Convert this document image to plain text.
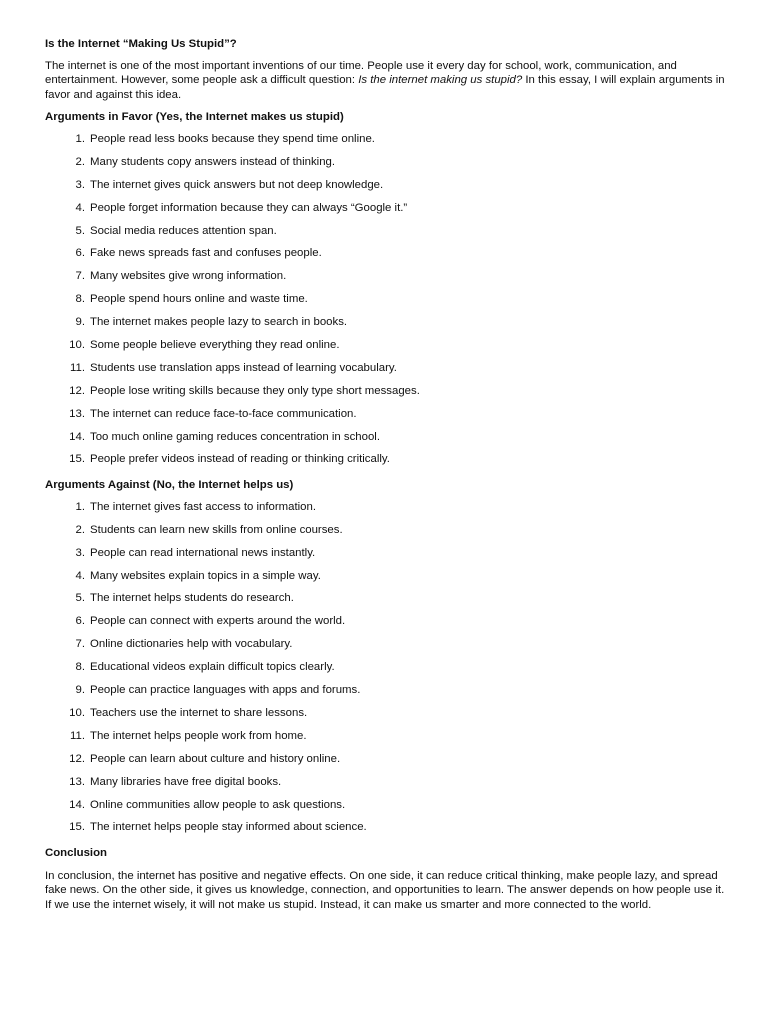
Is the Internet “Making Us Stupid”?

The internet is one of the most important inventions of our time. People use it every day for school, work, communication, and entertainment. However, some people ask a difficult question: Is the internet making us stupid? In this essay, I will explain arguments in favor and against this idea.

Arguments in Favor (Yes, the Internet makes us stupid)

1 . People read less books because they spend time online.
2 . Many students copy answers instead of thinking.
3 . The internet gives quick answers but not deep knowledge.
4 . People forget information because they can always “Google it.”
5 . Social media reduces attention span.
6 . Fake news spreads fast and confuses people.
7 . Many websites give wrong information.
8 . People spend hours online and waste time.
9 . The internet makes people lazy to search in books.
10 . Some people believe everything they read online.
11 . Students use translation apps instead of learning vocabulary.
12 . People lose writing skills because they only type short messages.
13 . The internet can reduce face-to-face communication.
14 . Too much online gaming reduces concentration in school.
15 . People prefer videos instead of reading or thinking critically.

Arguments Against (No, the Internet helps us)

1 . The internet gives fast access to information.
2 . Students can learn new skills from online courses.
3 . People can read international news instantly.
4 . Many websites explain topics in a simple way.
5 . The internet helps students do research.
6 . People can connect with experts around the world.
7 . Online dictionaries help with vocabulary.
8 . Educational videos explain difficult topics clearly.
9 . People can practice languages with apps and forums.
10 . Teachers use the internet to share lessons.
11 . The internet helps people work from home.
12 . People can learn about culture and history online.
13 . Many libraries have free digital books.
14 . Online communities allow people to ask questions.
15 . The internet helps people stay informed about science.

Conclusion

In conclusion, the internet has positive and negative effects. On one side, it can reduce critical thinking, make people lazy, and spread fake news. On the other side, it gives us knowledge, connection, and opportunities to learn. The answer depends on how people use it. If we use the internet wisely, it will not make us stupid. Instead, it can make us smarter and more connected to the world.
